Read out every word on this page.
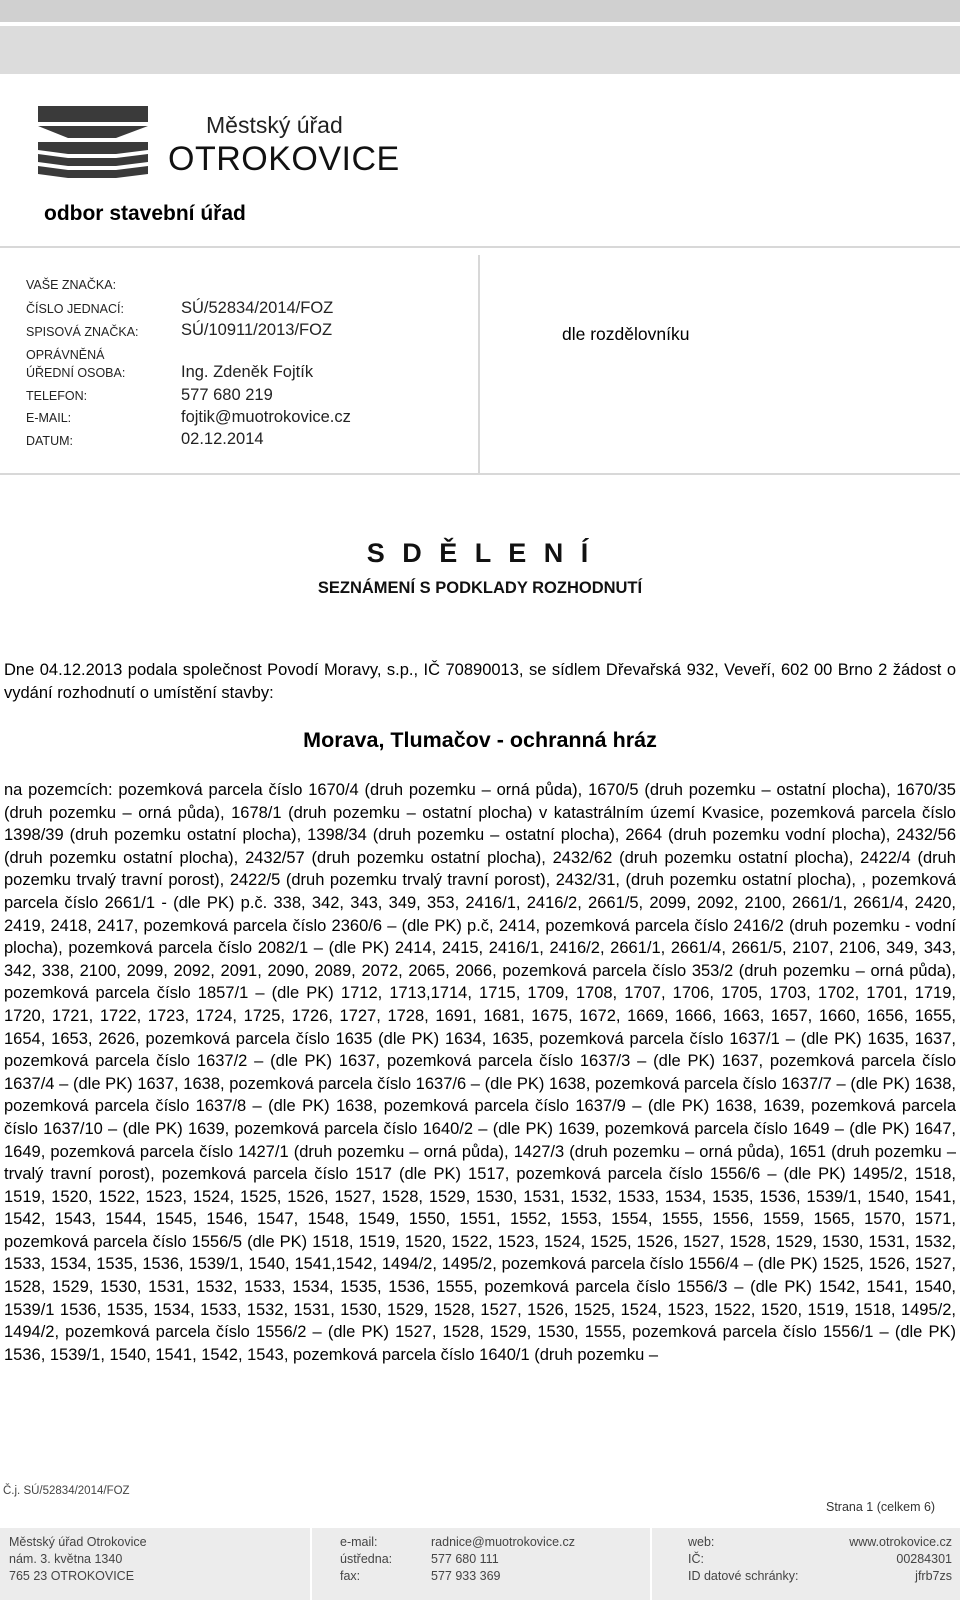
Městský úřad
OTROKOVICE
odbor stavební úřad
VAŠE ZNAČKA:
ČÍSLO JEDNACÍ:	SÚ/52834/2014/FOZ
SPISOVÁ ZNAČKA:	SÚ/10911/2013/FOZ
OPRÁVNĚNÁ
ÚŘEDNÍ OSOBA:	Ing. Zdeněk Fojtík
TELEFON:	577 680 219
E-MAIL:	fojtik@muotrokovice.cz
DATUM:	02.12.2014
dle rozdělovníku
S D Ě L E N Í
SEZNÁMENÍ S PODKLADY ROZHODNUTÍ
Dne 04.12.2013 podala společnost Povodí Moravy, s.p., IČ 70890013, se sídlem Dřevařská 932, Veveří, 602 00 Brno 2 žádost o vydání rozhodnutí o umístění stavby:
Morava, Tlumačov - ochranná hráz
na pozemcích: pozemková parcela číslo 1670/4 (druh pozemku – orná půda), 1670/5 (druh pozemku – ostatní plocha), 1670/35 (druh pozemku – orná půda), 1678/1 (druh pozemku – ostatní plocha) v katastrálním území Kvasice, pozemková parcela číslo 1398/39 (druh pozemku ostatní plocha), 1398/34 (druh pozemku – ostatní plocha), 2664 (druh pozemku vodní plocha), 2432/56 (druh pozemku ostatní plocha), 2432/57 (druh pozemku ostatní plocha), 2432/62 (druh pozemku ostatní plocha), 2422/4 (druh pozemku trvalý travní porost), 2422/5 (druh pozemku trvalý travní porost), 2432/31, (druh pozemku ostatní plocha), , pozemková parcela číslo 2661/1 - (dle PK) p.č. 338, 342, 343, 349, 353, 2416/1, 2416/2, 2661/5, 2099, 2092, 2100, 2661/1, 2661/4, 2420, 2419, 2418, 2417, pozemková parcela číslo 2360/6 – (dle PK) p.č, 2414, pozemková parcela číslo 2416/2 (druh pozemku - vodní plocha), pozemková parcela číslo 2082/1 – (dle PK) 2414, 2415, 2416/1, 2416/2, 2661/1, 2661/4, 2661/5, 2107, 2106, 349, 343, 342, 338, 2100, 2099, 2092, 2091, 2090, 2089, 2072, 2065, 2066, pozemková parcela číslo 353/2 (druh pozemku – orná půda), pozemková parcela číslo 1857/1 – (dle PK) 1712, 1713,1714, 1715, 1709, 1708, 1707, 1706, 1705, 1703, 1702, 1701, 1719, 1720, 1721, 1722, 1723, 1724, 1725, 1726, 1727, 1728, 1691, 1681, 1675, 1672, 1669, 1666, 1663, 1657, 1660, 1656, 1655, 1654, 1653, 2626, pozemková parcela číslo 1635 (dle PK) 1634, 1635, pozemková parcela číslo 1637/1 – (dle PK) 1635, 1637, pozemková parcela číslo 1637/2 – (dle PK) 1637, pozemková parcela číslo 1637/3 – (dle PK) 1637, pozemková parcela číslo 1637/4 – (dle PK) 1637, 1638, pozemková parcela číslo 1637/6 – (dle PK) 1638, pozemková parcela číslo 1637/7 – (dle PK) 1638, pozemková parcela číslo 1637/8 – (dle PK) 1638, pozemková parcela číslo 1637/9 – (dle PK) 1638, 1639, pozemková parcela číslo 1637/10 – (dle PK) 1639, pozemková parcela číslo 1640/2 – (dle PK) 1639, pozemková parcela číslo 1649 – (dle PK) 1647, 1649, pozemková parcela číslo 1427/1 (druh pozemku – orná půda), 1427/3 (druh pozemku – orná půda), 1651 (druh pozemku – trvalý travní porost), pozemková parcela číslo 1517 (dle PK) 1517, pozemková parcela číslo 1556/6 – (dle PK) 1495/2, 1518, 1519, 1520, 1522, 1523, 1524, 1525, 1526, 1527, 1528, 1529, 1530, 1531, 1532, 1533, 1534, 1535, 1536, 1539/1, 1540, 1541, 1542, 1543, 1544, 1545, 1546, 1547, 1548, 1549, 1550, 1551, 1552, 1553, 1554, 1555, 1556, 1559, 1565, 1570, 1571, pozemková parcela číslo 1556/5 (dle PK) 1518, 1519, 1520, 1522, 1523, 1524, 1525, 1526, 1527, 1528, 1529, 1530, 1531, 1532, 1533, 1534, 1535, 1536, 1539/1, 1540, 1541,1542, 1494/2, 1495/2, pozemková parcela číslo 1556/4 – (dle PK) 1525, 1526, 1527, 1528, 1529, 1530, 1531, 1532, 1533, 1534, 1535, 1536, 1555, pozemková parcela číslo 1556/3 – (dle PK) 1542, 1541, 1540, 1539/1 1536, 1535, 1534, 1533, 1532, 1531, 1530, 1529, 1528, 1527, 1526, 1525, 1524, 1523, 1522, 1520, 1519, 1518, 1495/2, 1494/2, pozemková parcela číslo 1556/2 – (dle PK) 1527, 1528, 1529, 1530, 1555, pozemková parcela číslo 1556/1 – (dle PK) 1536, 1539/1, 1540, 1541, 1542, 1543, pozemková parcela číslo 1640/1 (druh pozemku –
Č.j. SÚ/52834/2014/FOZ
Strana 1 (celkem 6)
Městský úřad Otrokovice
nám. 3. května 1340
765 23 OTROKOVICE
e-mail:	radnice@muotrokovice.cz
ústředna:	577 680 111
fax:	577 933 369
web:	www.otrokovice.cz
IČ:	00284301
ID datové schránky:	jfrb7zs
